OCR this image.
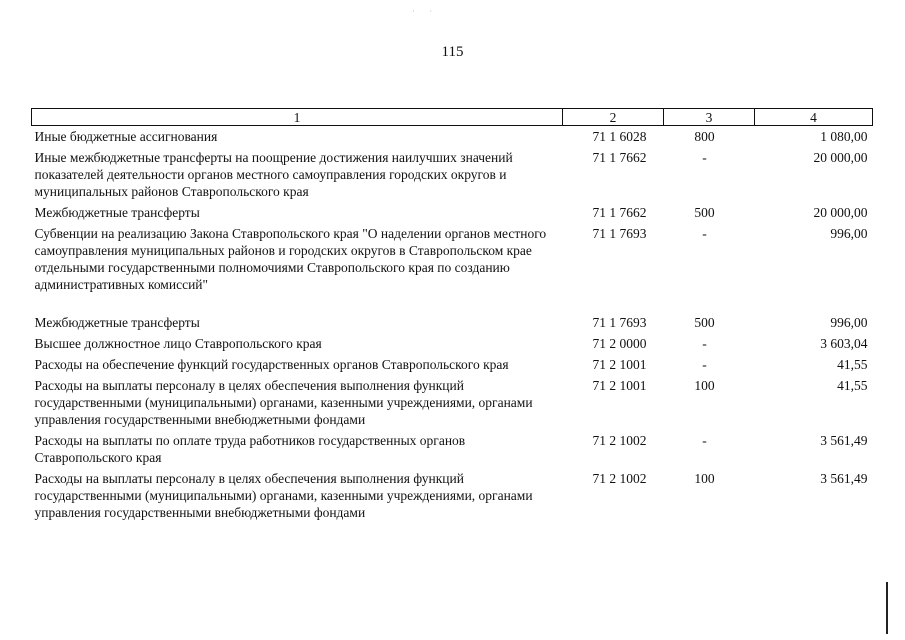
· ·
115
1	2	3	4
Иные бюджетные ассигнования	71 1 6028	800	1 080,00
Иные межбюджетные трансферты на поощрение достижения наилучших значений показателей деятельности органов местного самоуправления городских округов и муниципальных районов Ставропольского края	71 1 7662	-	20 000,00
Межбюджетные трансферты	71 1 7662	500	20 000,00
Субвенции на реализацию Закона Ставропольского края "О наделении органов местного самоуправления муниципальных районов и городских округов в Ставропольском крае отдельными государственными полномочиями Ставропольского края по созданию административных комиссий"	71 1 7693	-	996,00

Межбюджетные трансферты	71 1 7693	500	996,00
Высшее должностное лицо Ставропольского края	71 2 0000	-	3 603,04
Расходы на обеспечение функций государственных органов Ставропольского края	71 2 1001	-	41,55
Расходы на выплаты персоналу в целях обеспечения выполнения функций государственными (муниципальными) органами, казенными учреждениями, органами управления государственными внебюджетными фондами	71 2 1001	100	41,55
Расходы на выплаты по оплате труда работников государственных органов Ставропольского края	71 2 1002	-	3 561,49
Расходы на выплаты персоналу в целях обеспечения выполнения функций государственными (муниципальными) органами, казенными учреждениями, органами управления государственными внебюджетными фондами	71 2 1002	100	3 561,49
